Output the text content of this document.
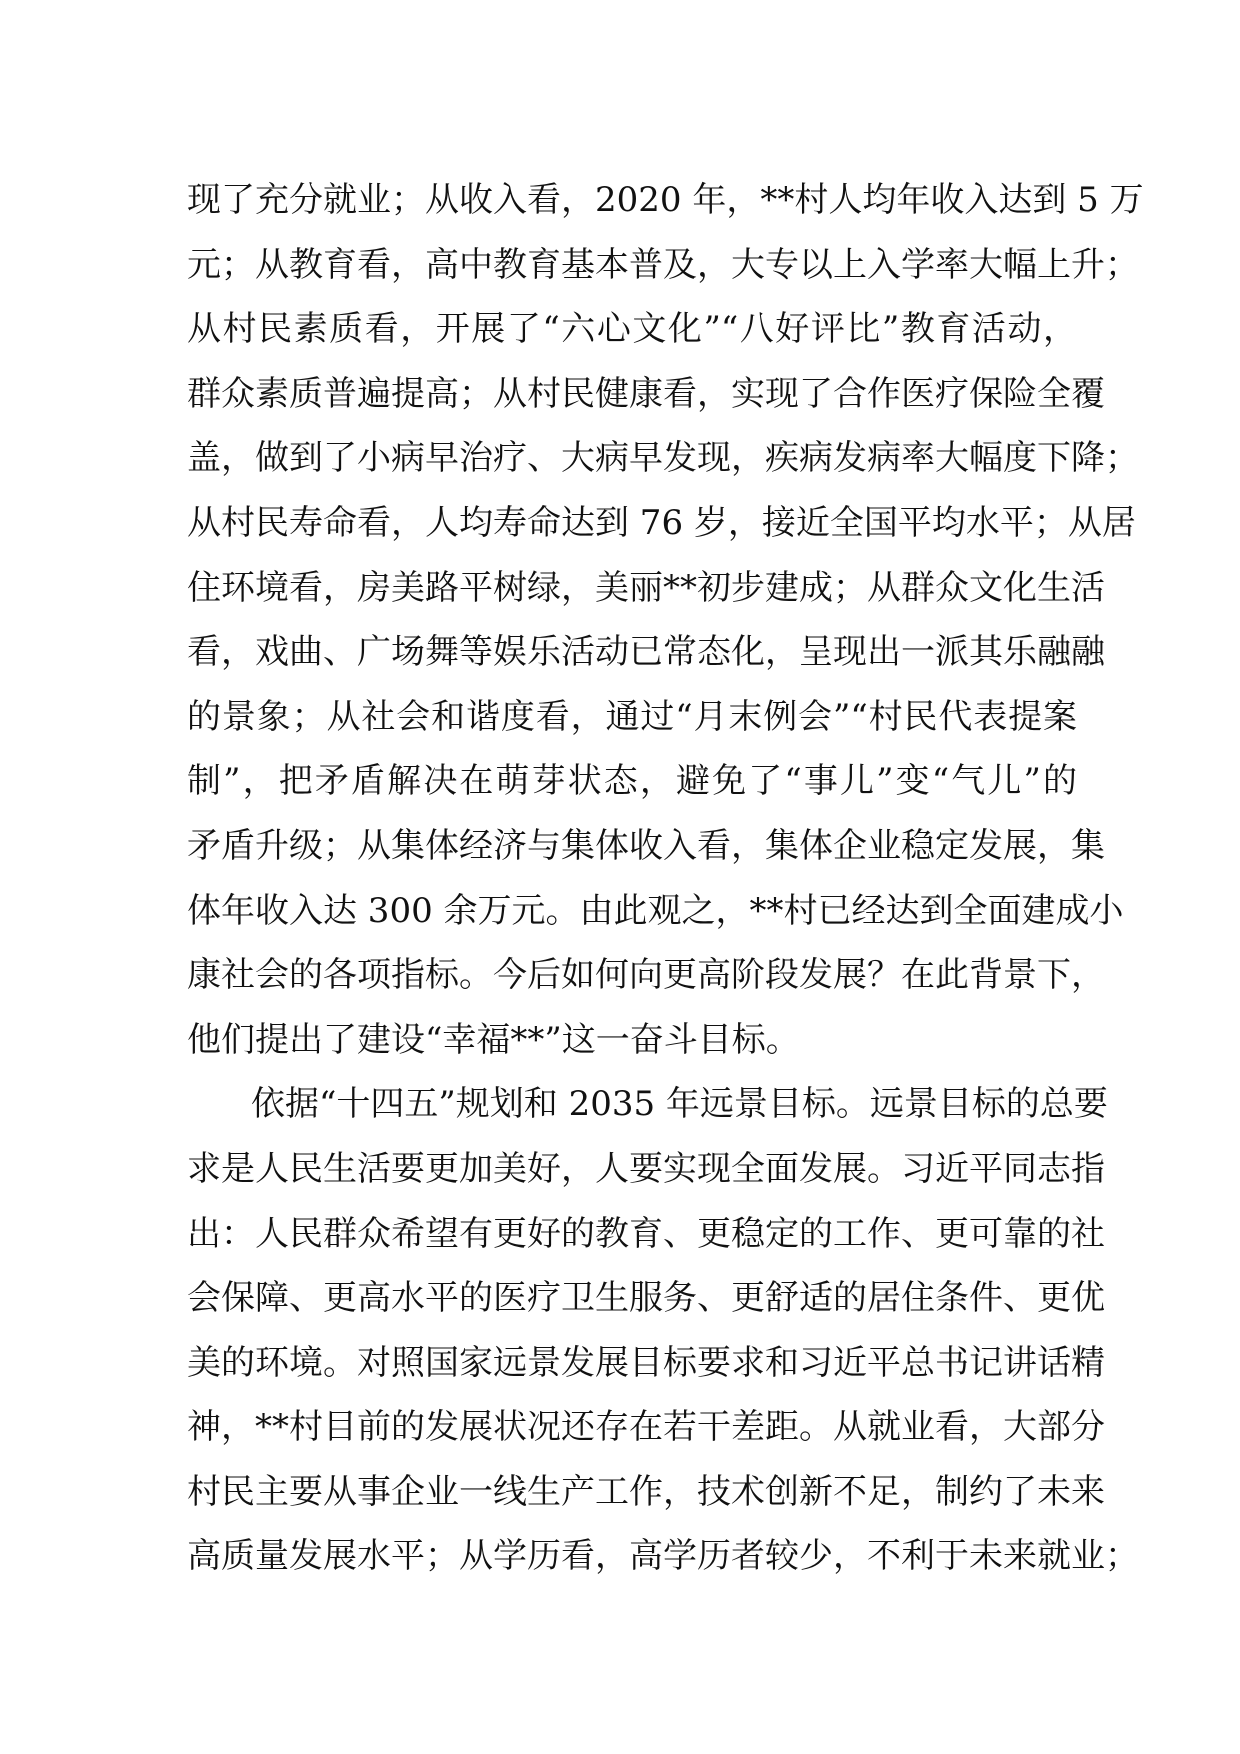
现了充分就业；从收入看，2020 年，**村人均年收入达到 5 万
元；从教育看，高中教育基本普及，大专以上入学率大幅上升；
从村民素质看，开展了“六心文化”“八好评比”教育活动，
群众素质普遍提高；从村民健康看，实现了合作医疗保险全覆
盖，做到了小病早治疗、大病早发现，疾病发病率大幅度下降；
从村民寿命看，人均寿命达到 76 岁，接近全国平均水平；从居
住环境看，房美路平树绿，美丽**初步建成；从群众文化生活
看，戏曲、广场舞等娱乐活动已常态化，呈现出一派其乐融融
的景象；从社会和谐度看，通过“月末例会”“村民代表提案
制”，把矛盾解决在萌芽状态，避免了“事儿”变“气儿”的
矛盾升级；从集体经济与集体收入看，集体企业稳定发展，集
体年收入达 300 余万元。由此观之，**村已经达到全面建成小
康社会的各项指标。今后如何向更高阶段发展？在此背景下，
他们提出了建设“幸福**”这一奋斗目标。
依据“十四五”规划和 2035 年远景目标。远景目标的总要
求是人民生活要更加美好，人要实现全面发展。习近平同志指
出：人民群众希望有更好的教育、更稳定的工作、更可靠的社
会保障、更高水平的医疗卫生服务、更舒适的居住条件、更优
美的环境。对照国家远景发展目标要求和习近平总书记讲话精
神，**村目前的发展状况还存在若干差距。从就业看，大部分
村民主要从事企业一线生产工作，技术创新不足，制约了未来
高质量发展水平；从学历看，高学历者较少，不利于未来就业；
